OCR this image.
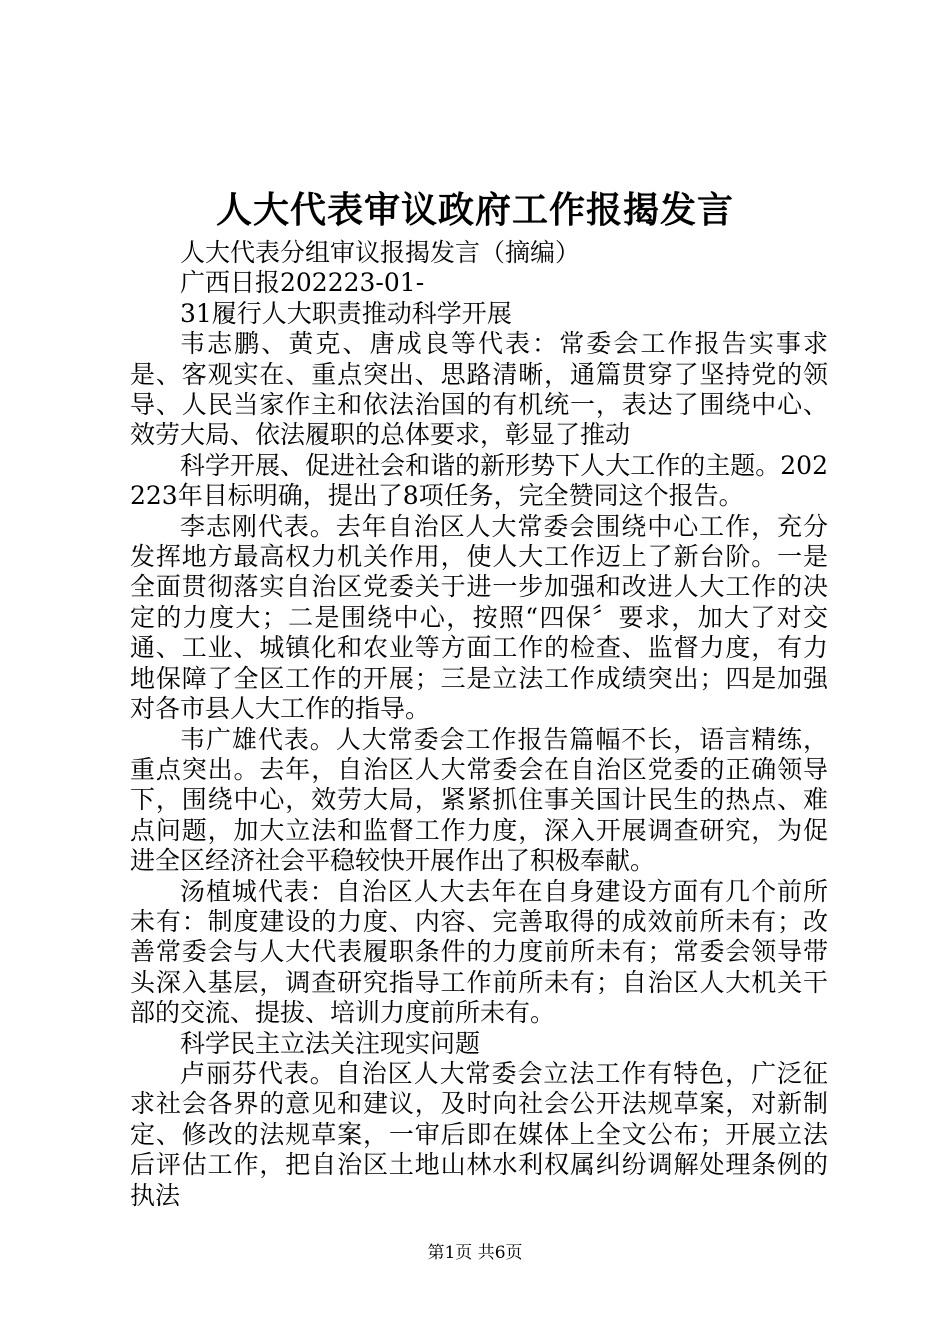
人大代表审议政府工作报揭发言

人大代表分组审议报揭发言（摘编）

广西日报202223-01-

31履行人大职责推动科学开展

韦志鹏、黄克、唐成良等代表：常委会工作报告实事求是、客观实在、重点突出、思路清晰，通篇贯穿了坚持党的领导、人民当家作主和依法治国的有机统一，表达了围绕中心、效劳大局、依法履职的总体要求，彰显了推动

科学开展、促进社会和谐的新形势下人大工作的主题。202223年目标明确，提出了8项任务，完全赞同这个报告。

李志刚代表。去年自治区人大常委会围绕中心工作，充分发挥地方最高权力机关作用，使人大工作迈上了新台阶。一是全面贯彻落实自治区党委关于进一步加强和改进人大工作的决定的力度大；二是围绕中心，按照“四保〞要求，加大了对交通、工业、城镇化和农业等方面工作的检查、监督力度，有力地保障了全区工作的开展；三是立法工作成绩突出；四是加强对各市县人大工作的指导。

韦广雄代表。人大常委会工作报告篇幅不长，语言精练，重点突出。去年，自治区人大常委会在自治区党委的正确领导下，围绕中心，效劳大局，紧紧抓住事关国计民生的热点、难点问题，加大立法和监督工作力度，深入开展调查研究，为促进全区经济社会平稳较快开展作出了积极奉献。

汤植城代表：自治区人大去年在自身建设方面有几个前所未有：制度建设的力度、内容、完善取得的成效前所未有；改善常委会与人大代表履职条件的力度前所未有；常委会领导带头深入基层，调查研究指导工作前所未有；自治区人大机关干部的交流、提拔、培训力度前所未有。

科学民主立法关注现实问题

卢丽芬代表。自治区人大常委会立法工作有特色，广泛征求社会各界的意见和建议，及时向社会公开法规草案，对新制定、修改的法规草案，一审后即在媒体上全文公布；开展立法后评估工作，把自治区土地山林水利权属纠纷调解处理条例的执法

第1页 共6页
